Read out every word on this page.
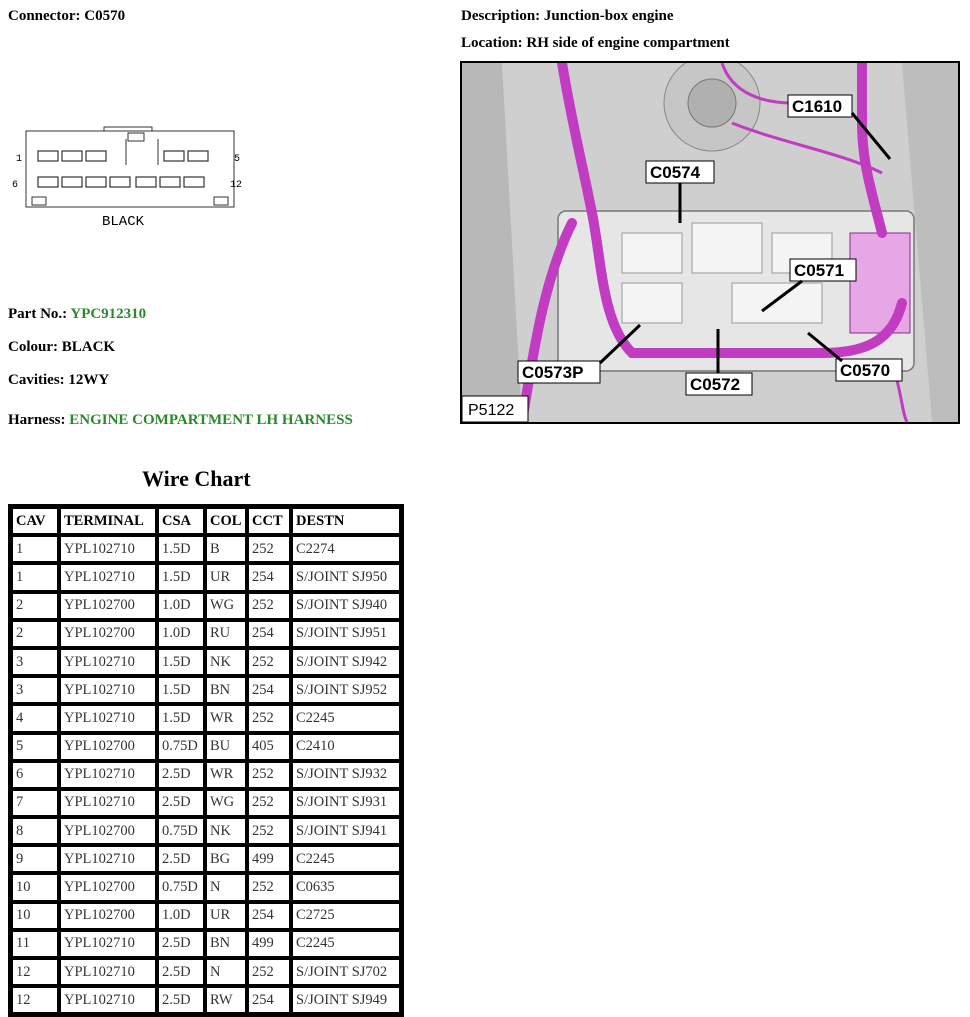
Connector: C0570	Description: Junction-box engine
Location: RH side of engine compartment
1	5
6	12
BLACK
Part No.: YPC912310
Colour: BLACK
Cavities: 12WY
Harness: ENGINE COMPARTMENT LH HARNESS
C1610
C0574
C0571
C0573P
C0572
C0570
P5122
Wire Chart
CAV	TERMINAL	CSA	COL	CCT	DESTN
1	YPL102710	1.5D	B	252	C2274
1	YPL102710	1.5D	UR	254	S/JOINT SJ950
2	YPL102700	1.0D	WG	252	S/JOINT SJ940
2	YPL102700	1.0D	RU	254	S/JOINT SJ951
3	YPL102710	1.5D	NK	252	S/JOINT SJ942
3	YPL102710	1.5D	BN	254	S/JOINT SJ952
4	YPL102710	1.5D	WR	252	C2245
5	YPL102700	0.75D	BU	405	C2410
6	YPL102710	2.5D	WR	252	S/JOINT SJ932
7	YPL102710	2.5D	WG	252	S/JOINT SJ931
8	YPL102700	0.75D	NK	252	S/JOINT SJ941
9	YPL102710	2.5D	BG	499	C2245
10	YPL102700	0.75D	N	252	C0635
10	YPL102700	1.0D	UR	254	C2725
11	YPL102710	2.5D	BN	499	C2245
12	YPL102710	2.5D	N	252	S/JOINT SJ702
12	YPL102710	2.5D	RW	254	S/JOINT SJ949
